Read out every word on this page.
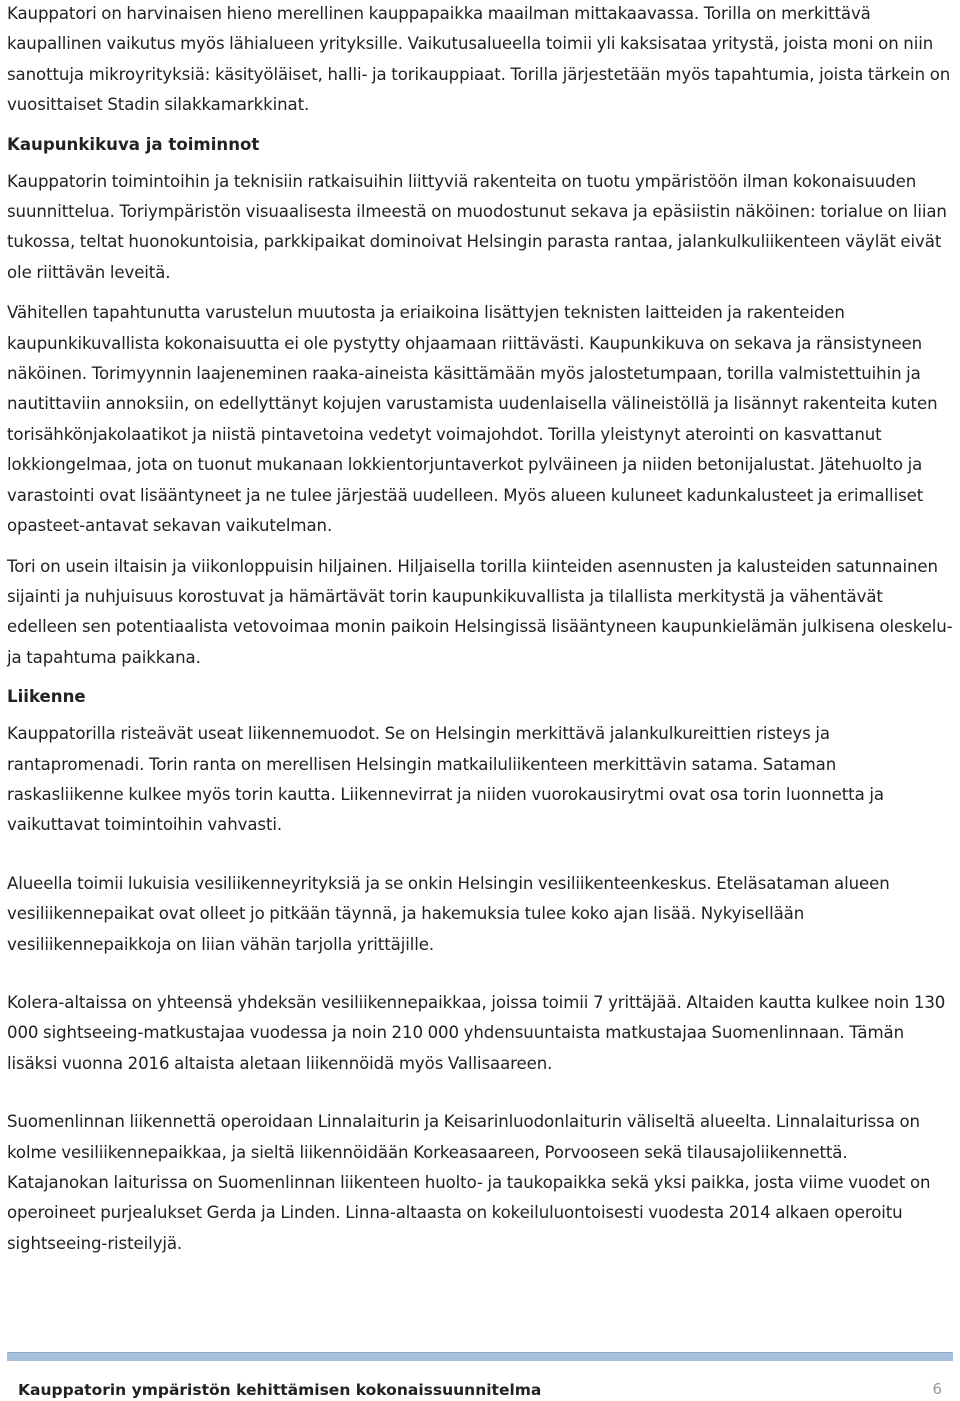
Kauppatori on harvinaisen hieno merellinen kauppapaikka maailman mittakaavassa. Torilla on merkittävä kaupallinen vaikutus myös lähialueen yrityksille. Vaikutusalueella toimii yli kaksisataa yritystä, joista moni on niin sanottuja mikroyrityksiä: käsityöläiset, halli- ja torikauppiaat. Torilla järjestetään myös tapahtumia, joista tärkein on vuosittaiset Stadin silakkamarkkinat.

Kaupunkikuva ja toiminnot

Kauppatorin toimintoihin ja teknisiin ratkaisuihin liittyviä rakenteita on tuotu ympäristöön ilman kokonaisuuden suunnittelua. Toriympäristön visuaalisesta ilmeestä on muodostunut sekava ja epäsiistin näköinen: torialue on liian tukossa, teltat huonokuntoisia, parkkipaikat dominoivat Helsingin parasta rantaa, jalankulkuliikenteen väylät eivät ole riittävän leveitä.

Vähitellen tapahtunutta varustelun muutosta ja eriaikoina lisättyjen teknisten laitteiden ja rakenteiden kaupunkikuvallista kokonaisuutta ei ole pystytty ohjaamaan riittävästi. Kaupunkikuva on sekava ja ränsistyneen näköinen. Torimyynnin laajeneminen raaka-aineista käsittämään myös jalostetumpaan, torilla valmistettuihin ja nautittaviin annoksiin, on edellyttänyt kojujen varustamista uudenlaisella välineistöllä ja lisännyt rakenteita kuten torisähkönjakolaatikot ja niistä pintavetoina vedetyt voimajohdot. Torilla yleistynyt aterointi on kasvattanut lokkiongelmaa, jota on tuonut mukanaan lokkientorjuntaverkot pylväineen ja niiden betonijalustat. Jätehuolto ja varastointi ovat lisääntyneet ja ne tulee järjestää uudelleen. Myös alueen kuluneet kadunkalusteet ja erimalliset opasteet-antavat sekavan vaikutelman.

Tori on usein iltaisin ja viikonloppuisin hiljainen. Hiljaisella torilla kiinteiden asennusten ja kalusteiden satunnainen sijainti ja nuhjuisuus korostuvat ja hämärtävät torin kaupunkikuvallista ja tilallista merkitystä ja vähentävät edelleen sen potentiaalista vetovoimaa monin paikoin Helsingissä lisääntyneen kaupunkielämän julkisena oleskelu- ja tapahtuma paikkana.

Liikenne

Kauppatorilla risteävät useat liikennemuodot. Se on Helsingin merkittävä jalankulkureittien risteys ja rantapromenadi. Torin ranta on merellisen Helsingin matkailuliikenteen merkittävin satama. Sataman raskasliikenne kulkee myös torin kautta. Liikennevirrat ja niiden vuorokausirytmi ovat osa torin luonnetta ja vaikuttavat toimintoihin vahvasti.

Alueella toimii lukuisia vesiliikenneyrityksiä ja se onkin Helsingin vesiliikenteenkeskus. Eteläsataman alueen vesiliikennepaikat ovat olleet jo pitkään täynnä, ja hakemuksia tulee koko ajan lisää. Nykyisellään vesiliikennepaikkoja on liian vähän tarjolla yrittäjille.

Kolera-altaissa on yhteensä yhdeksän vesiliikennepaikkaa, joissa toimii 7 yrittäjää. Altaiden kautta kulkee noin 130 000 sightseeing-matkustajaa vuodessa ja noin 210 000 yhdensuuntaista matkustajaa Suomenlinnaan. Tämän lisäksi vuonna 2016 altaista aletaan liikennöidä myös Vallisaareen.

Suomenlinnan liikennettä operoidaan Linnalaiturin ja Keisarinluodonlaiturin väliseltä alueelta. Linnalaiturissa on kolme vesiliikennepaikkaa, ja sieltä liikennöidään Korkeasaareen, Porvooseen sekä tilausajoliikennettä. Katajanokan laiturissa on Suomenlinnan liikenteen huolto- ja taukopaikka sekä yksi paikka, josta viime vuodet on operoineet purjealukset Gerda ja Linden. Linna-altaasta on kokeiluluontoisesti vuodesta 2014 alkaen operoitu sightseeing-risteilyjä.

Kauppatorin ympäristön kehittämisen kokonaissuunnitelma	6
